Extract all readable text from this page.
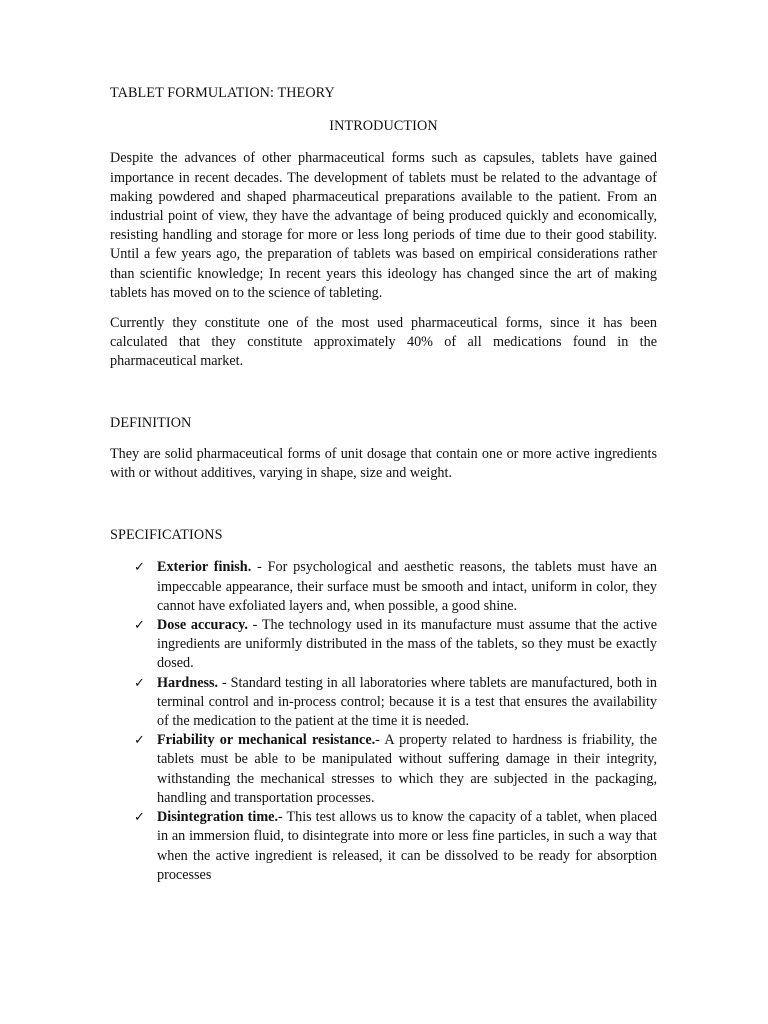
TABLET FORMULATION: THEORY
INTRODUCTION

Despite the advances of other pharmaceutical forms such as capsules, tablets have gained importance in recent decades. The development of tablets must be related to the advantage of making powdered and shaped pharmaceutical preparations available to the patient. From an industrial point of view, they have the advantage of being produced quickly and economically, resisting handling and storage for more or less long periods of time due to their good stability. Until a few years ago, the preparation of tablets was based on empirical considerations rather than scientific knowledge; In recent years this ideology has changed since the art of making tablets has moved on to the science of tableting.

Currently they constitute one of the most used pharmaceutical forms, since it has been calculated that they constitute approximately 40% of all medications found in the pharmaceutical market.

DEFINITION

They are solid pharmaceutical forms of unit dosage that contain one or more active ingredients with or without additives, varying in shape, size and weight.

SPECIFICATIONS
✓ Exterior finish. - For psychological and aesthetic reasons, the tablets must have an impeccable appearance, their surface must be smooth and intact, uniform in color, they cannot have exfoliated layers and, when possible, a good shine.
✓ Dose accuracy. - The technology used in its manufacture must assume that the active ingredients are uniformly distributed in the mass of the tablets, so they must be exactly dosed.
✓ Hardness. - Standard testing in all laboratories where tablets are manufactured, both in terminal control and in-process control; because it is a test that ensures the availability of the medication to the patient at the time it is needed.
✓ Friability or mechanical resistance.- A property related to hardness is friability, the tablets must be able to be manipulated without suffering damage in their integrity, withstanding the mechanical stresses to which they are subjected in the packaging, handling and transportation processes.
✓ Disintegration time.- This test allows us to know the capacity of a tablet, when placed in an immersion fluid, to disintegrate into more or less fine particles, in such a way that when the active ingredient is released, it can be dissolved to be ready for absorption processes
